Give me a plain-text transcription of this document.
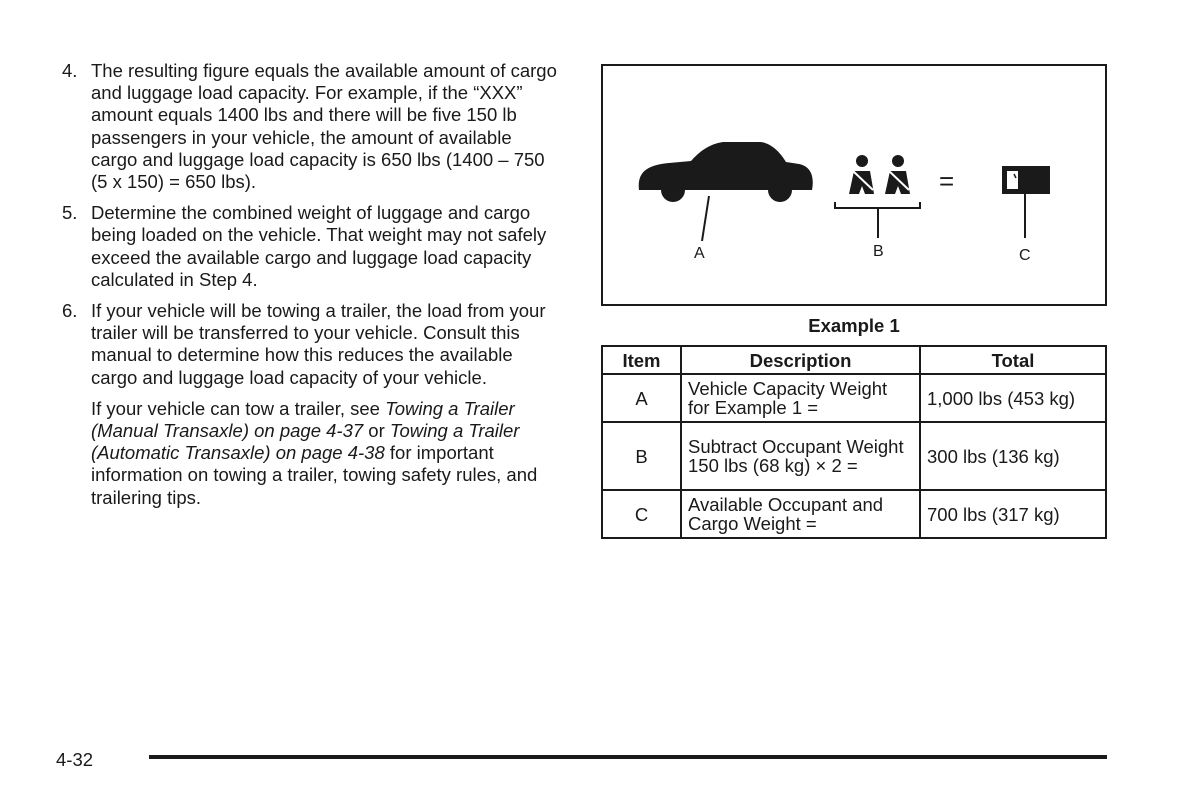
4. The resulting figure equals the available amount of cargo and luggage load capacity. For example, if the “XXX” amount equals 1400 lbs and there will be five 150 lb passengers in your vehicle, the amount of available cargo and luggage load capacity is 650 lbs (1400 – 750 (5 x 150) = 650 lbs).
5. Determine the combined weight of luggage and cargo being loaded on the vehicle. That weight may not safely exceed the available cargo and luggage load capacity calculated in Step 4.
6. If your vehicle will be towing a trailer, the load from your trailer will be transferred to your vehicle. Consult this manual to determine how this reduces the available cargo and luggage load capacity of your vehicle.
If your vehicle can tow a trailer, see Towing a Trailer (Manual Transaxle) on page 4-37 or Towing a Trailer (Automatic Transaxle) on page 4-38 for important information on towing a trailer, towing safety rules, and trailering tips.
A
–
B
=
C
Example 1
Item	Description	Total
A	Vehicle Capacity Weight for Example 1 =	1,000 lbs (453 kg)
B	Subtract Occupant Weight 150 lbs (68 kg) × 2 =	300 lbs (136 kg)
C	Available Occupant and Cargo Weight =	700 lbs (317 kg)
4-32
